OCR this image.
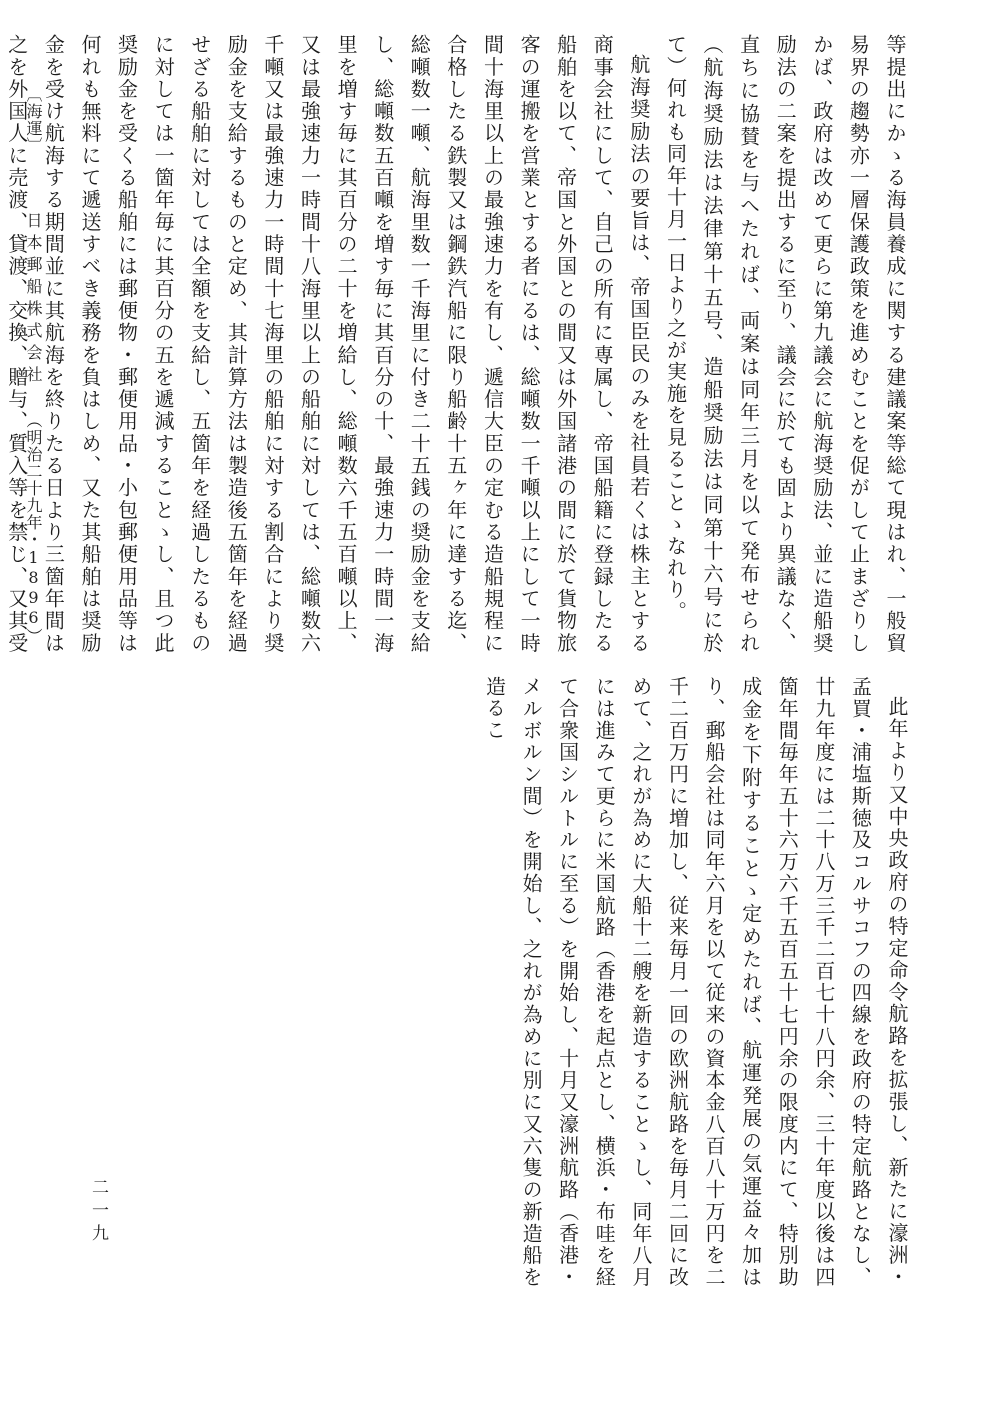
等提出にかゝる海員養成に関する建議案等総て現はれ、一般貿易界の趨勢亦一層保護政策を進めむことを促がして止まざりしかば、政府は改めて更らに第九議会に航海奨励法、並に造船奨励法の二案を提出するに至り、議会に於ても固より異議なく、直ちに協賛を与へたれば、両案は同年三月を以て発布せられ（航海奨励法は法律第十五号、造船奨励法は同第十六号に於て）何れも同年十月一日より之が実施を見ることゝなれり。

航海奨励法の要旨は、帝国臣民のみを社員若くは株主とする商事会社にして、自己の所有に専属し、帝国船籍に登録したる船舶を以て、帝国と外国との間又は外国諸港の間に於て貨物旅客の運搬を営業とする者にるは、総噸数一千噸以上にして一時間十海里以上の最強速力を有し、遞信大臣の定むる造船規程に合格したる鉄製又は鋼鉄汽船に限り船齢十五ヶ年に達する迄、総噸数一噸、航海里数一千海里に付き二十五銭の奨励金を支給し、総噸数五百噸を増す毎に其百分の十、最強速力一時間一海里を増す毎に其百分の二十を増給し、総噸数六千五百噸以上、又は最強速力一時間十八海里以上の船舶に対しては、総噸数六千噸又は最強速力一時間十七海里の船舶に対する割合により奨励金を支給するものと定め、其計算方法は製造後五箇年を経過せざる船舶に対しては全額を支給し、五箇年を経過したるものに対しては一箇年毎に其百分の五を遞減することゝし、且つ此奨励金を受くる船舶には郵便物・郵便用品・小包郵便用品等は何れも無料にて遞送すべき義務を負はしめ、又た其船舶は奨励金を受け航海する期間並に其航海を終りたる日より三箇年間は之を外国人に売渡、貸渡、交換、贈与、質入等を禁じ、又其受

此年より又中央政府の特定命令航路を拡張し、新たに濠洲・孟買・浦塩斯徳及コルサコフの四線を政府の特定航路となし、廿九年度には二十八万三千二百七十八円余、三十年度以後は四箇年間毎年五十六万六千五百五十七円余の限度内にて、特別助成金を下附することゝ定めたれば、航運発展の気運益々加はり、郵船会社は同年六月を以て従来の資本金八百八十万円を二千二百万円に増加し、従来毎月一回の欧洲航路を毎月二回に改めて、之れが為めに大船十二艘を新造することゝし、同年八月には進みて更らに米国航路（香港を起点とし、横浜・布哇を経て合衆国シルトルに至る）を開始し、十月又濠洲航路（香港・メルボルン間）を開始し、之れが為めに別に又六隻の新造船を造るこ

〔海運〕
日本郵船株式会社
（明治二十九年・1896）
二一九
